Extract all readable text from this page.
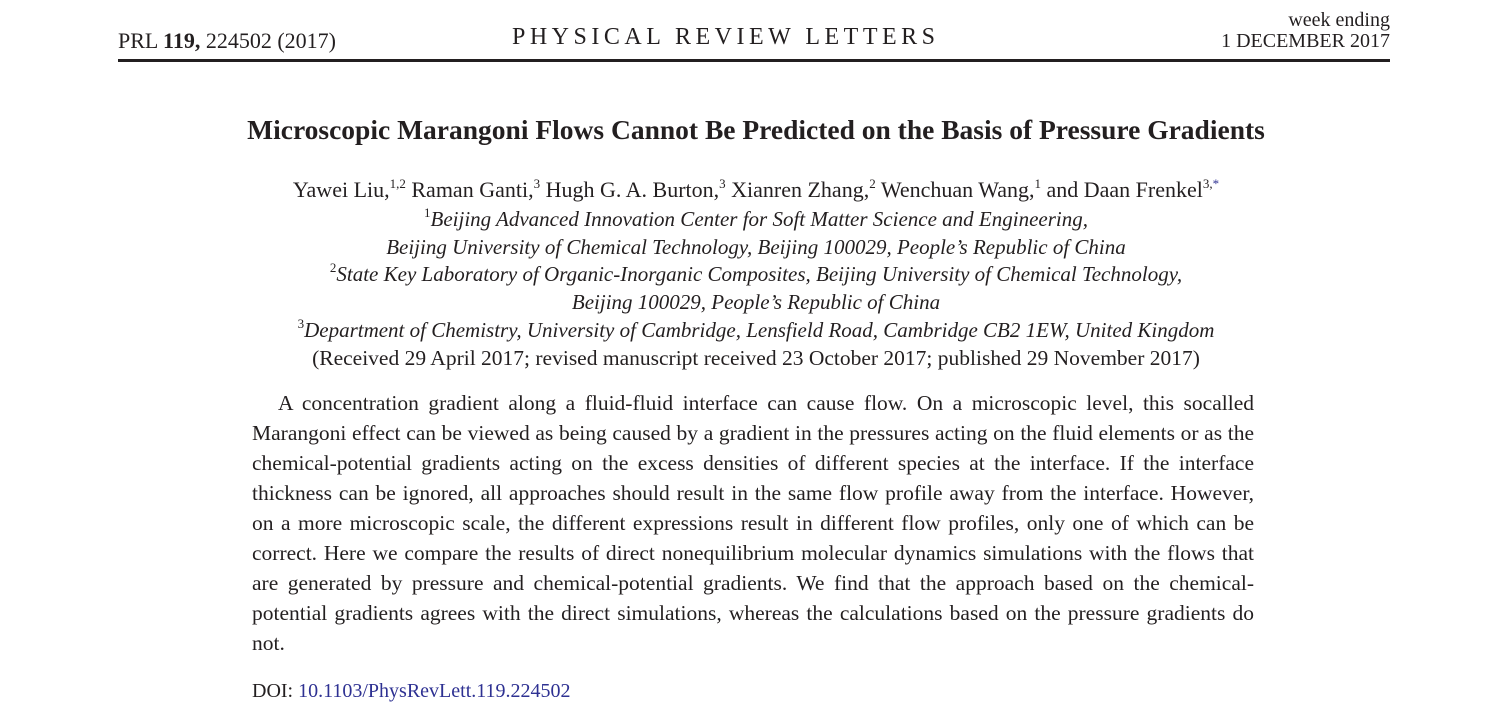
PRL 119, 224502 (2017)	PHYSICAL REVIEW LETTERS
week ending
1 DECEMBER 2017
Microscopic Marangoni Flows Cannot Be Predicted on the Basis of Pressure Gradients
Yawei Liu,$^{1,2}$ Raman Ganti,$^3$ Hugh G. A. Burton,$^3$ Xianren Zhang,$^2$ Wenchuan Wang,$^1$ and Daan Frenkel$^{3,*}$
$^1$Beijing Advanced Innovation Center for Soft Matter Science and Engineering,
Beijing University of Chemical Technology, Beijing 100029, People’s Republic of China
$^2$State Key Laboratory of Organic-Inorganic Composites, Beijing University of Chemical Technology,
Beijing 100029, People’s Republic of China
$^3$Department of Chemistry, University of Cambridge, Lensfield Road, Cambridge CB2 1EW, United Kingdom
(Received 29 April 2017; revised manuscript received 23 October 2017; published 29 November 2017)
A concentration gradient along a fluid-fluid interface can cause flow. On a microscopic level, this socalled Marangoni effect can be viewed as being caused by a gradient in the pressures acting on the fluid elements or as the chemical-potential gradients acting on the excess densities of different species at the interface. If the interface thickness can be ignored, all approaches should result in the same flow profile away from the interface. However, on a more microscopic scale, the different expressions result in different flow profiles, only one of which can be correct. Here we compare the results of direct nonequilibrium molecular dynamics simulations with the flows that are generated by pressure and chemical-potential gradients. We find that the approach based on the chemical-potential gradients agrees with the direct simulations, whereas the calculations based on the pressure gradients do not.
DOI: 10.1103/PhysRevLett.119.224502
